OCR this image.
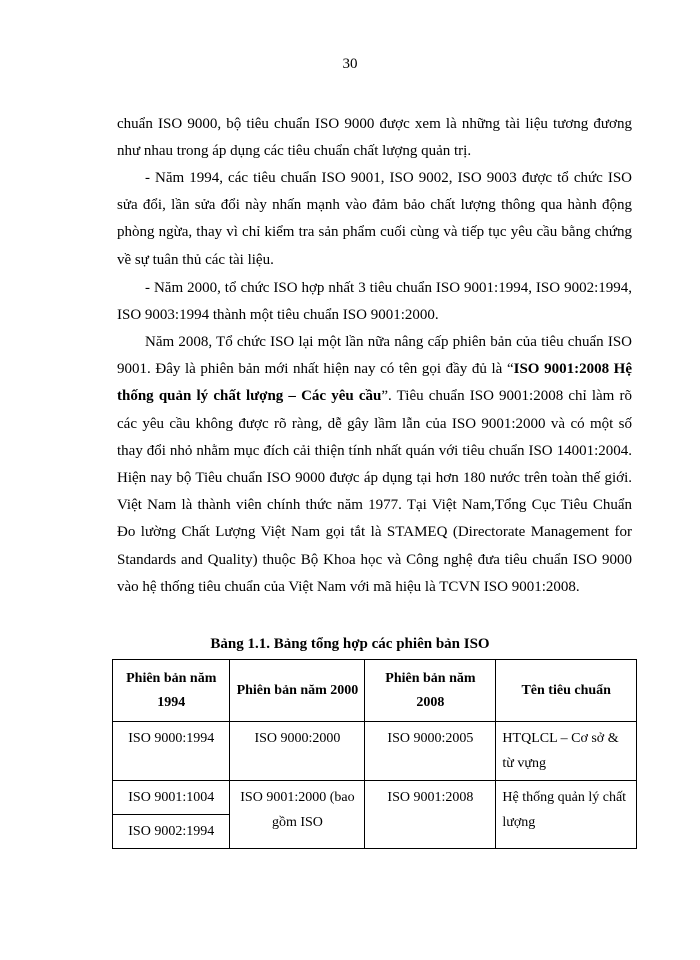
30

chuẩn ISO 9000, bộ tiêu chuẩn ISO 9000 được xem là những tài liệu tương đương như nhau trong áp dụng các tiêu chuẩn chất lượng quản trị.

- Năm 1994, các tiêu chuẩn ISO 9001, ISO 9002, ISO 9003 được tổ chức ISO sửa đổi, lần sửa đổi này nhấn mạnh vào đảm bảo chất lượng thông qua hành động phòng ngừa, thay vì chỉ kiểm tra sản phẩm cuối cùng và tiếp tục yêu cầu bằng chứng về sự tuân thủ các tài liệu.

- Năm 2000, tổ chức ISO hợp nhất 3 tiêu chuẩn ISO 9001:1994, ISO 9002:1994, ISO 9003:1994 thành một tiêu chuẩn ISO 9001:2000.

Năm 2008, Tổ chức ISO lại một lần nữa nâng cấp phiên bản của tiêu chuẩn ISO 9001. Đây là phiên bản mới nhất hiện nay có tên gọi đầy đủ là “ISO 9001:2008 Hệ thống quản lý chất lượng – Các yêu cầu”. Tiêu chuẩn ISO 9001:2008 chỉ làm rõ các yêu cầu không được rõ ràng, dễ gây lầm lẫn của ISO 9001:2000 và có một số thay đổi nhỏ nhằm mục đích cải thiện tính nhất quán với tiêu chuẩn ISO 14001:2004. Hiện nay bộ Tiêu chuẩn ISO 9000 được áp dụng tại hơn 180 nước trên toàn thế giới. Việt Nam là thành viên chính thức năm 1977. Tại Việt Nam,Tổng Cục Tiêu Chuẩn Đo lường Chất Lượng Việt Nam gọi tắt là STAMEQ (Directorate Management for Standards and Quality) thuộc Bộ Khoa học và Công nghệ đưa tiêu chuẩn ISO 9000 vào hệ thống tiêu chuẩn của Việt Nam với mã hiệu là TCVN ISO 9001:2008.

Bảng 1.1. Bảng tổng hợp các phiên bản ISO
Phiên bản năm 1994	Phiên bản năm 2000	Phiên bản năm 2008	Tên tiêu chuẩn
ISO 9000:1994	ISO 9000:2000	ISO 9000:2005	HTQLCL – Cơ sở & từ vựng
ISO 9001:1004	ISO 9001:2000 (bao gồm ISO	ISO 9001:2008	Hệ thống quản lý chất lượng
ISO 9002:1994			
